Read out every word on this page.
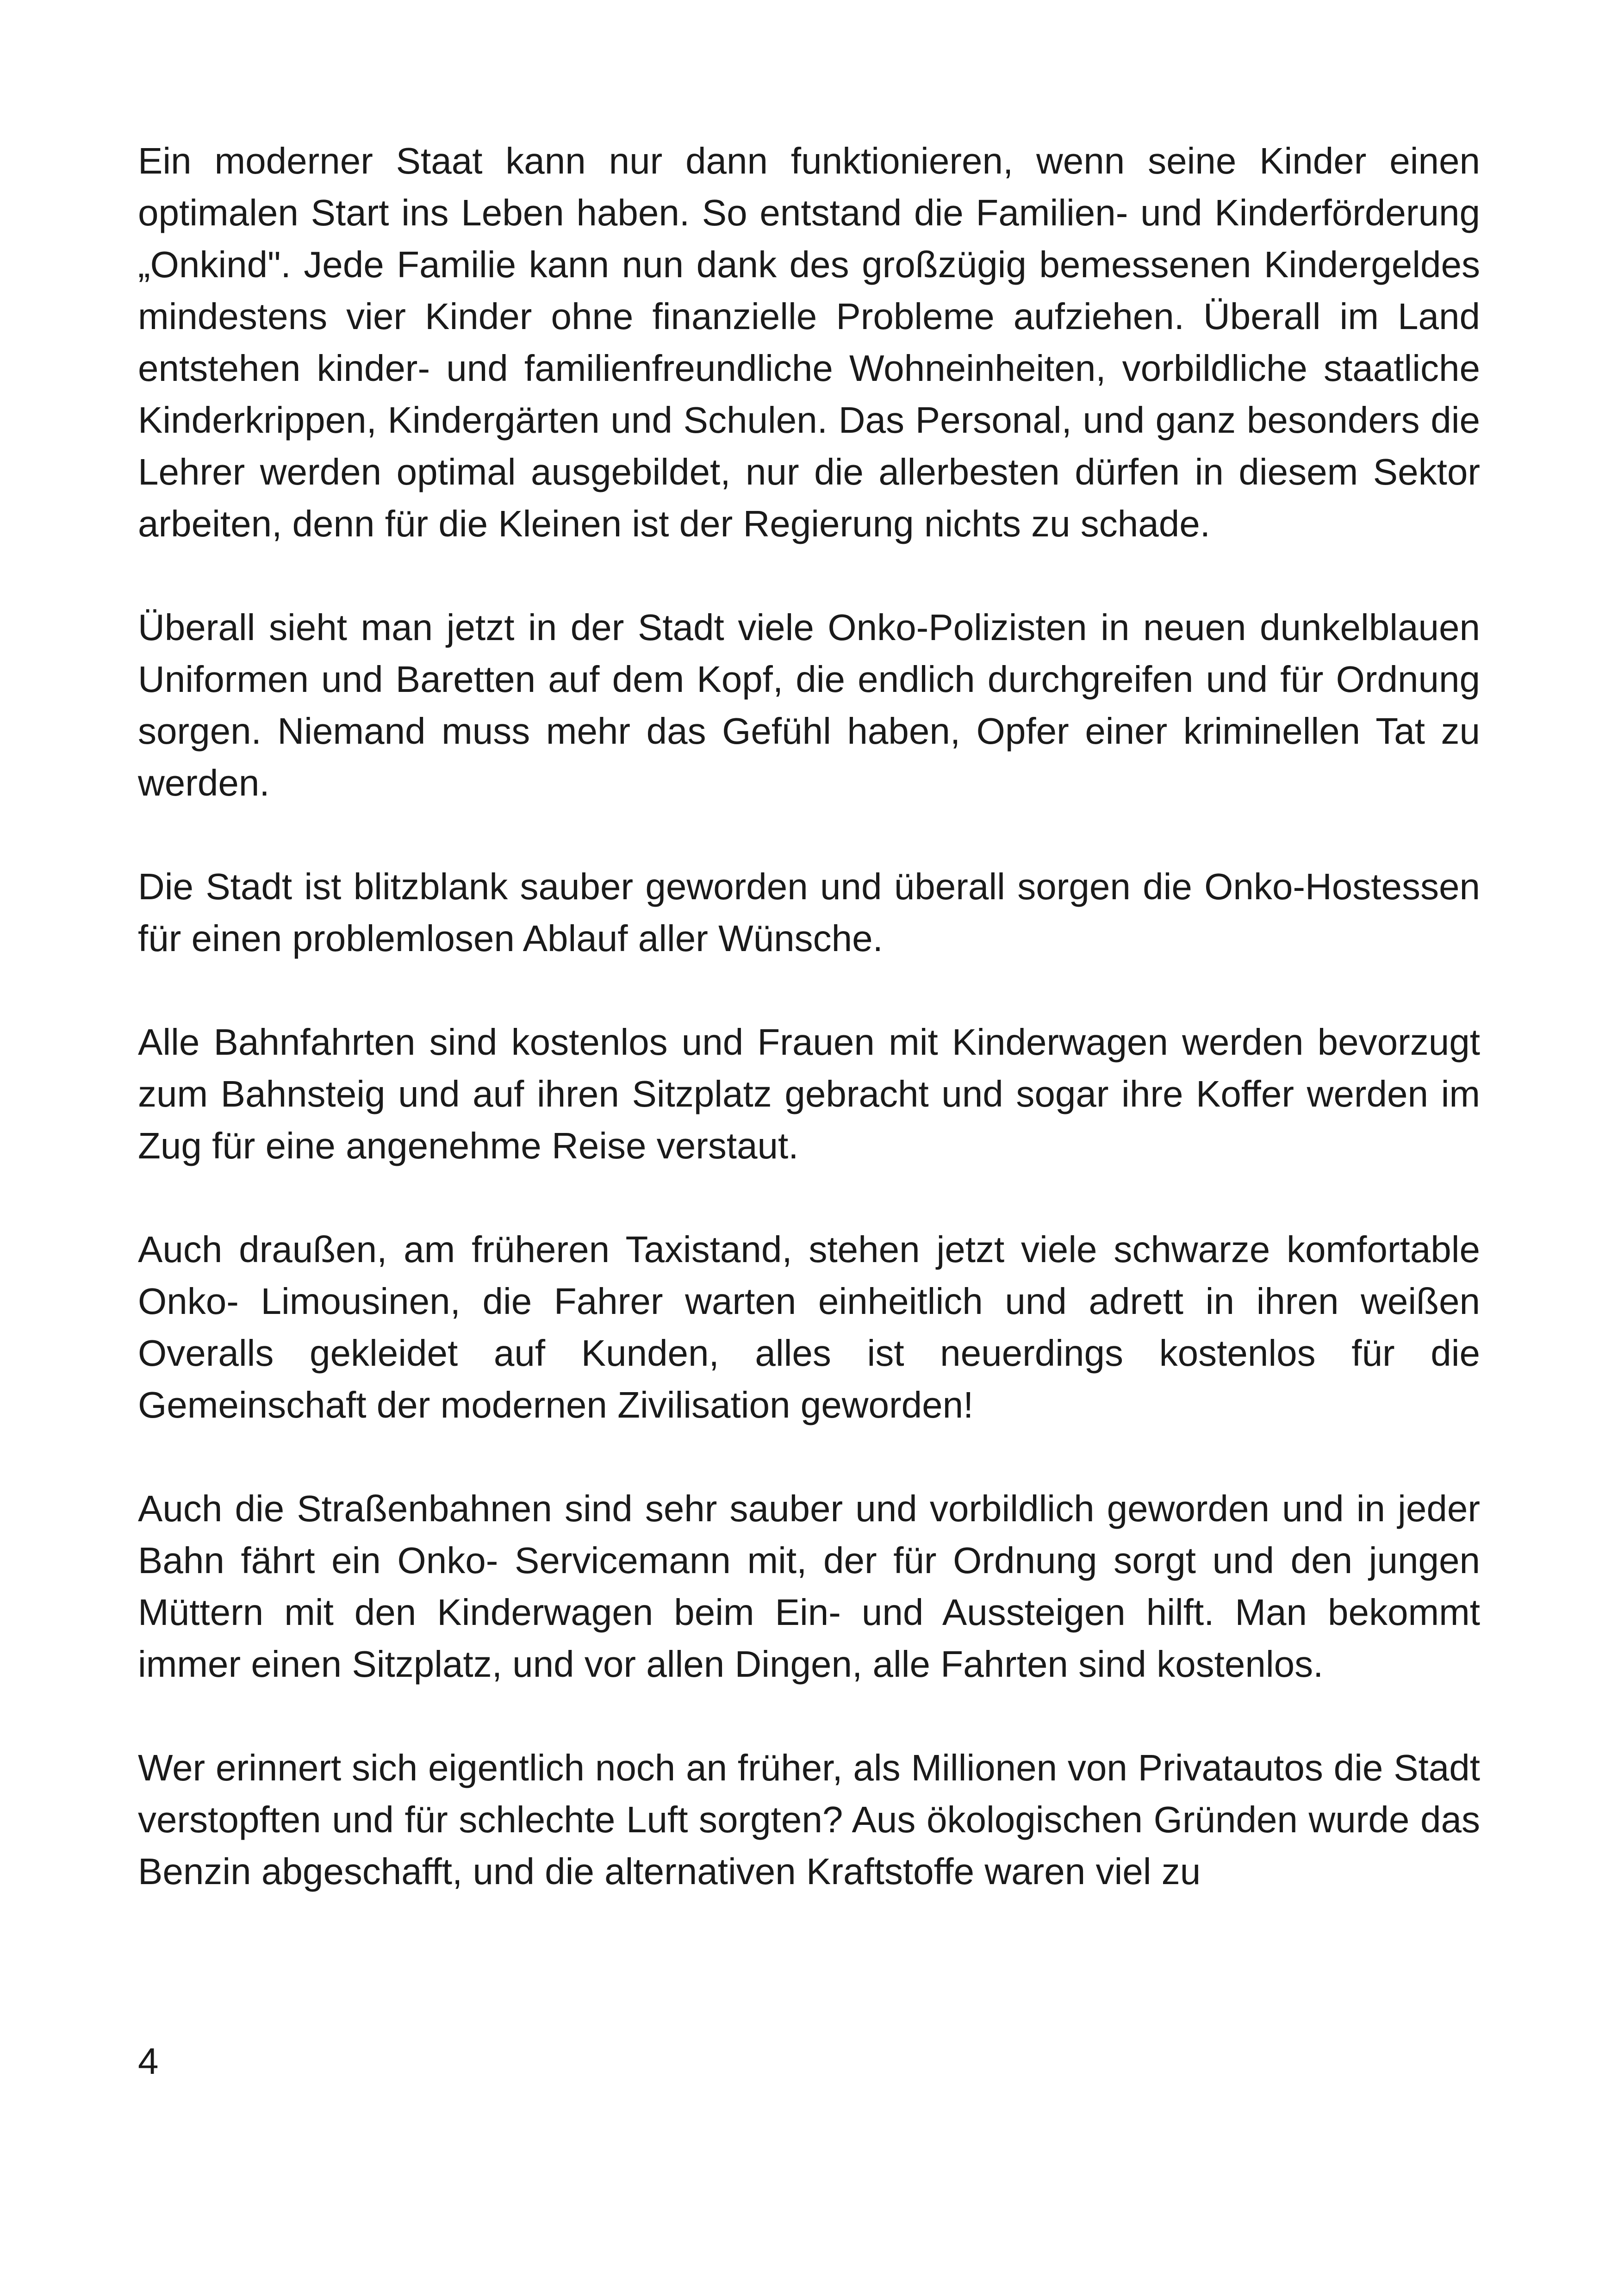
Ein moderner Staat kann nur dann funktionieren, wenn seine Kinder einen optimalen Start ins Leben haben. So entstand die Familien- und Kinderförderung „Onkind". Jede Familie kann nun dank des großzügig bemessenen Kindergeldes mindestens vier Kinder ohne finanzielle Probleme aufziehen. Überall im Land entstehen kinder- und familienfreundliche Wohneinheiten, vorbildliche staatliche Kinderkrippen, Kindergärten und Schulen. Das Personal, und ganz besonders die Lehrer werden optimal ausgebildet, nur die allerbesten dürfen in diesem Sektor arbeiten, denn für die Kleinen ist der Regierung nichts zu schade.

Überall sieht man jetzt in der Stadt viele Onko-Polizisten in neuen dunkelblauen Uniformen und Baretten auf dem Kopf, die endlich durchgreifen und für Ordnung sorgen. Niemand muss mehr das Gefühl haben, Opfer einer kriminellen Tat zu werden.

Die Stadt ist blitzblank sauber geworden und überall sorgen die Onko-Hostessen für einen problemlosen Ablauf aller Wünsche.

Alle Bahnfahrten sind kostenlos und Frauen mit Kinderwagen werden bevorzugt zum Bahnsteig und auf ihren Sitzplatz gebracht und sogar ihre Koffer werden im Zug für eine angenehme Reise verstaut.

Auch draußen, am früheren Taxistand, stehen jetzt viele schwarze komfortable Onko- Limousinen, die Fahrer warten einheitlich und adrett in ihren weißen Overalls gekleidet auf Kunden, alles ist neuerdings kostenlos für die Gemeinschaft der modernen Zivilisation geworden!

Auch die Straßenbahnen sind sehr sauber und vorbildlich geworden und in jeder Bahn fährt ein Onko- Servicemann mit, der für Ordnung sorgt und den jungen Müttern mit den Kinderwagen beim Ein- und Aussteigen hilft. Man bekommt immer einen Sitzplatz, und vor allen Dingen, alle Fahrten sind kostenlos.

Wer erinnert sich eigentlich noch an früher, als Millionen von Privatautos die Stadt verstopften und für schlechte Luft sorgten? Aus ökologischen Gründen wurde das Benzin abgeschafft, und die alternativen Kraftstoffe waren viel zu

4
